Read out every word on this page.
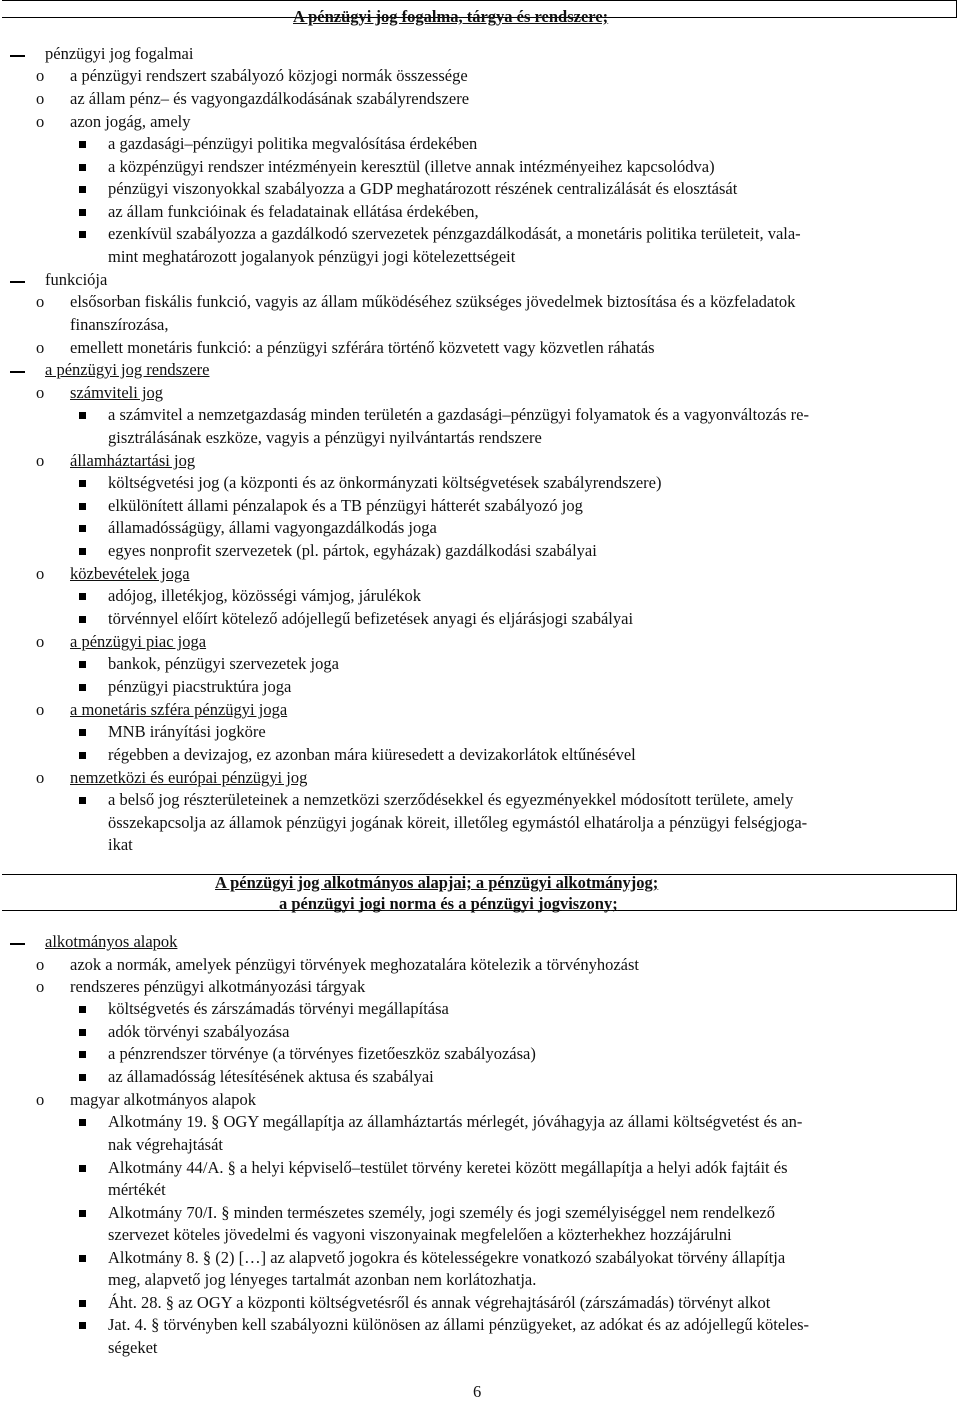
A pénzügyi jog fogalma, tárgya és rendszere;
pénzügyi jog fogalmai
o a pénzügyi rendszert szabályozó közjogi normák összessége
o az állam pénz– és vagyongazdálkodásának szabályrendszere
o azon jogág, amely
a gazdasági–pénzügyi politika megvalósítása érdekében
a közpénzügyi rendszer intézményein keresztül (illetve annak intézményeihez kapcsolódva)
pénzügyi viszonyokkal szabályozza a GDP meghatározott részének centralizálását és elosztását
az állam funkcióinak és feladatainak ellátása érdekében,
ezenkívül szabályozza a gazdálkodó szervezetek pénzgazdálkodását, a monetáris politika területeit, vala-
mint meghatározott jogalanyok pénzügyi jogi kötelezettségeit
funkciója
o elsősorban fiskális funkció, vagyis az állam működéséhez szükséges jövedelmek biztosítása és a közfeladatok
finanszírozása,
o emellett monetáris funkció: a pénzügyi szférára történő közvetett vagy közvetlen ráhatás
a pénzügyi jog rendszere
o számviteli jog
a számvitel a nemzetgazdaság minden területén a gazdasági–pénzügyi folyamatok és a vagyonváltozás re-
gisztrálásának eszköze, vagyis a pénzügyi nyilvántartás rendszere
o államháztartási jog
költségvetési jog (a központi és az önkormányzati költségvetések szabályrendszere)
elkülönített állami pénzalapok és a TB pénzügyi hátterét szabályozó jog
államadósságügy, állami vagyongazdálkodás joga
egyes nonprofit szervezetek (pl. pártok, egyházak) gazdálkodási szabályai
o közbevételek joga
adójog, illetékjog, közösségi vámjog, járulékok
törvénnyel előírt kötelező adójellegű befizetések anyagi és eljárásjogi szabályai
o a pénzügyi piac joga
bankok, pénzügyi szervezetek joga
pénzügyi piacstruktúra joga
o a monetáris szféra pénzügyi joga
MNB irányítási jogköre
régebben a devizajog, ez azonban mára kiüresedett a devizakorlátok eltűnésével
o nemzetközi és európai pénzügyi jog
a belső jog részterületeinek a nemzetközi szerződésekkel és egyezményekkel módosított területe, amely
összekapcsolja az államok pénzügyi jogának köreit, illetőleg egymástól elhatárolja a pénzügyi felségjoga-
ikat
A pénzügyi jog alkotmányos alapjai; a pénzügyi alkotmányjog;
a pénzügyi jogi norma és a pénzügyi jogviszony;
alkotmányos alapok
o azok a normák, amelyek pénzügyi törvények meghozatalára kötelezik a törvényhozást
o rendszeres pénzügyi alkotmányozási tárgyak
költségvetés és zárszámadás törvényi megállapítása
adók törvényi szabályozása
a pénzrendszer törvénye (a törvényes fizetőeszköz szabályozása)
az államadósság létesítésének aktusa és szabályai
o magyar alkotmányos alapok
Alkotmány 19. § OGY megállapítja az államháztartás mérlegét, jóváhagyja az állami költségvetést és an-
nak végrehajtását
Alkotmány 44/A. § a helyi képviselő–testület törvény keretei között megállapítja a helyi adók fajtáit és
mértékét
Alkotmány 70/I. § minden természetes személy, jogi személy és jogi személyiséggel nem rendelkező
szervezet köteles jövedelmi és vagyoni viszonyainak megfelelően a közterhekhez hozzájárulni
Alkotmány 8. § (2) […] az alapvető jogokra és kötelességekre vonatkozó szabályokat törvény állapítja
meg, alapvető jog lényeges tartalmát azonban nem korlátozhatja.
Áht. 28. § az OGY a központi költségvetésről és annak végrehajtásáról (zárszámadás) törvényt alkot
Jat. 4. § törvényben kell szabályozni különösen az állami pénzügyeket, az adókat és az adójellegű köteles-
ségeket
6
